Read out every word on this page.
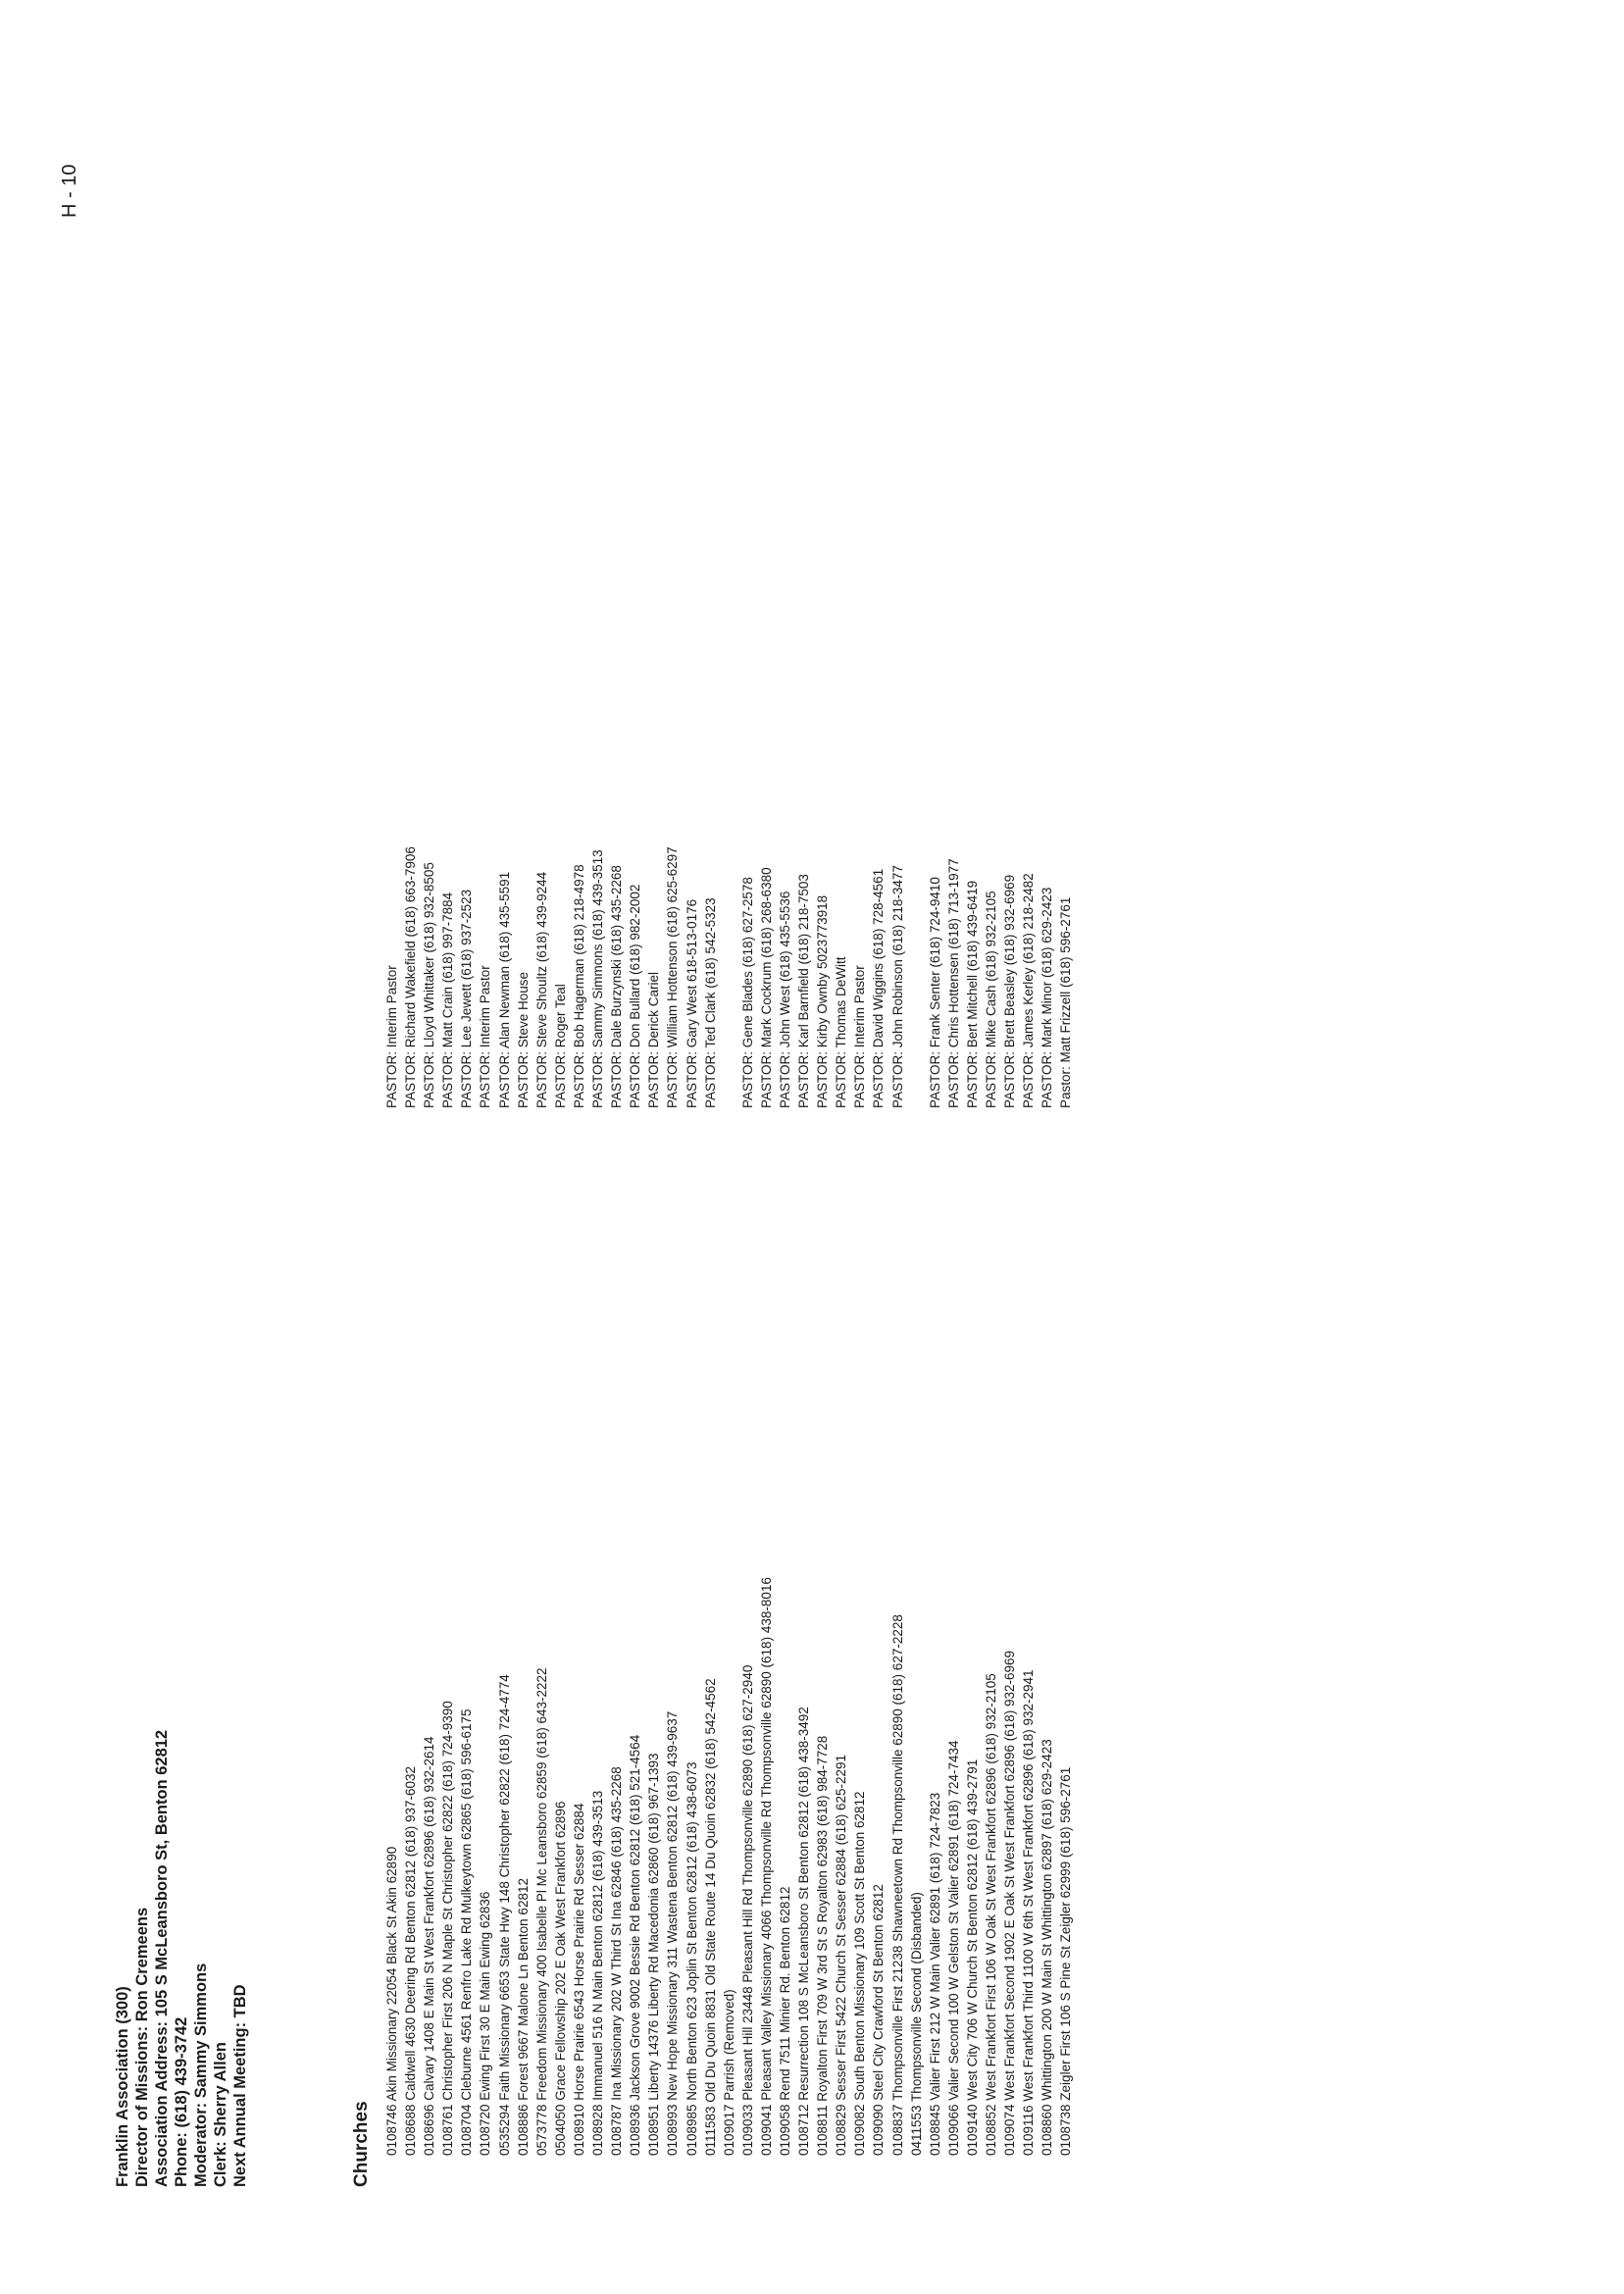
H - 10
Franklin Association (300) Director of Missions: Ron Cremeens Association Address: 105 S McLeansboro St, Benton 62812 Phone: (618) 439-3742 Moderator: Sammy Simmons Clerk: Sherry Allen Next Annual Meeting: TBD	Churches 0108746 Akin Missionary 22054 Black St Akin 62890 0108688 Caldwell 4630 Deering Rd Benton 62812 (618) 937-6032 0108696 Calvary 1408 E Main St West Frankfort 62896 (618) 932-2614 0108761 Christopher First 206 N Maple St Christopher 62822 (618) 724-9390 0108704 Cleburne 4561 Renfro Lake Rd Mulkeytown 62865 (618) 596-6175 0108720 Ewing First 30 E Main Ewing 62836 0535294 Faith Missionary 6653 State Hwy 148 Christopher 62822 (618) 724-4774 0108886 Forest 9667 Malone Ln Benton 62812 0573778 Freedom Missionary 400 Isabelle Pl Mc Leansboro 62859 (618) 643-2222 0504050 Grace Fellowship 202 E Oak West Frankfort 62896 0108910 Horse Prairie 6543 Horse Prairie Rd Sesser 62884 0108928 Immanuel 516 N Main Benton 62812 (618) 439-3513 0108787 Ina Missionary 202 W Third St Ina 62846 (618) 435-2268 0108936 Jackson Grove 9002 Bessie Rd Benton 62812 (618) 521-4564 0108951 Liberty 14376 Liberty Rd Macedonia 62860 (618) 967-1393 0108993 New Hope Missionary 311 Wastena Benton 62812 (618) 439-9637 0108985 North Benton 623 Joplin St Benton 62812 (618) 438-6073 0111583 Old Du Quoin 8831 Old State Route 14 Du Quoin 62832 (618) 542-4562 0109017 Parrish (Removed) 0109033 Pleasant Hill 23448 Pleasant Hill Rd Thompsonville 62890 (618) 627-2940 0109041 Pleasant Valley Missionary 4066 Thompsonville Rd Thompsonville 62890 (618) 438-8016 0109058 Rend 7511 Minier Rd. Benton 62812 0108712 Resurrection 108 S McLeansboro St Benton 62812 (618) 438-3492 0108811 Royalton First 709 W 3rd St S Royalton 62983 (618) 984-7728 0108829 Sesser First 5422 Church St Sesser 62884 (618) 625-2291 0109082 South Benton Missionary 109 Scott St Benton 62812 0109090 Steel City Crawford St Benton 62812 0108837 Thompsonville First 21238 Shawneetown Rd Thompsonville 62890 (618) 627-2228 0411553 Thompsonville Second (Disbanded) 0108845 Valier First 212 W Main Valier 62891 (618) 724-7823 0109066 Valier Second 100 W Gelston St Valier 62891 (618) 724-7434 0109140 West City 706 W Church St Benton 62812 (618) 439-2791 0108852 West Frankfort First 106 W Oak St West Frankfort 62896 (618) 932-2105 0109074 West Frankfort Second 1902 E Oak St West Frankfort 62896 (618) 932-6969 0109116 West Frankfort Third 1100 W 6th St West Frankfort 62896 (618) 932-2941 0108860 Whittington 200 W Main St Whittington 62897 (618) 629-2423 0108738 Zeigler First 106 S Pine St Zeigler 62999 (618) 596-2761
PASTOR: Interim Pastor PASTOR: Richard Wakefield (618) 663-7906 PASTOR: Lloyd Whittaker (618) 932-8505 PASTOR: Matt Crain (618) 997-7884 PASTOR: Lee Jewett (618) 937-2523 PASTOR: Interim Pastor PASTOR: Alan Newman (618) 435-5591 PASTOR: Steve House PASTOR: Steve Shoultz (618) 439-9244 PASTOR: Roger Teal PASTOR: Bob Hagerman (618) 218-4978 PASTOR: Sammy Simmons (618) 439-3513 PASTOR: Dale Burzynski (618) 435-2268 PASTOR: Don Bullard (618) 982-2002 PASTOR: Derick Cariel PASTOR: William Hottenson (618) 625-6297 PASTOR: Gary West 618-513-0176 PASTOR: Ted Clark (618) 542-5323 PASTOR: Gene Blades (618) 627-2578 PASTOR: Mark Cockrum (618) 268-6380 PASTOR: John West (618) 435-5536 PASTOR: Karl Barnfield (618) 218-7503 PASTOR: Kirby Ownby 5023773918 PASTOR: Thomas DeWitt PASTOR: Interim Pastor PASTOR: David Wiggins (618) 728-4561 PASTOR: John Robinson (618) 218-3477 PASTOR: Frank Senter (618) 724-9410 PASTOR: Chris Hottensen (618) 713-1977 PASTOR: Bert Mitchell (618) 439-6419 PASTOR: Mike Cash (618) 932-2105 PASTOR: Brett Beasley (618) 932-6969 PASTOR: James Kerley (618) 218-2482 PASTOR: Mark Minor (618) 629-2423 Pastor: Matt Frizzell (618) 596-2761
